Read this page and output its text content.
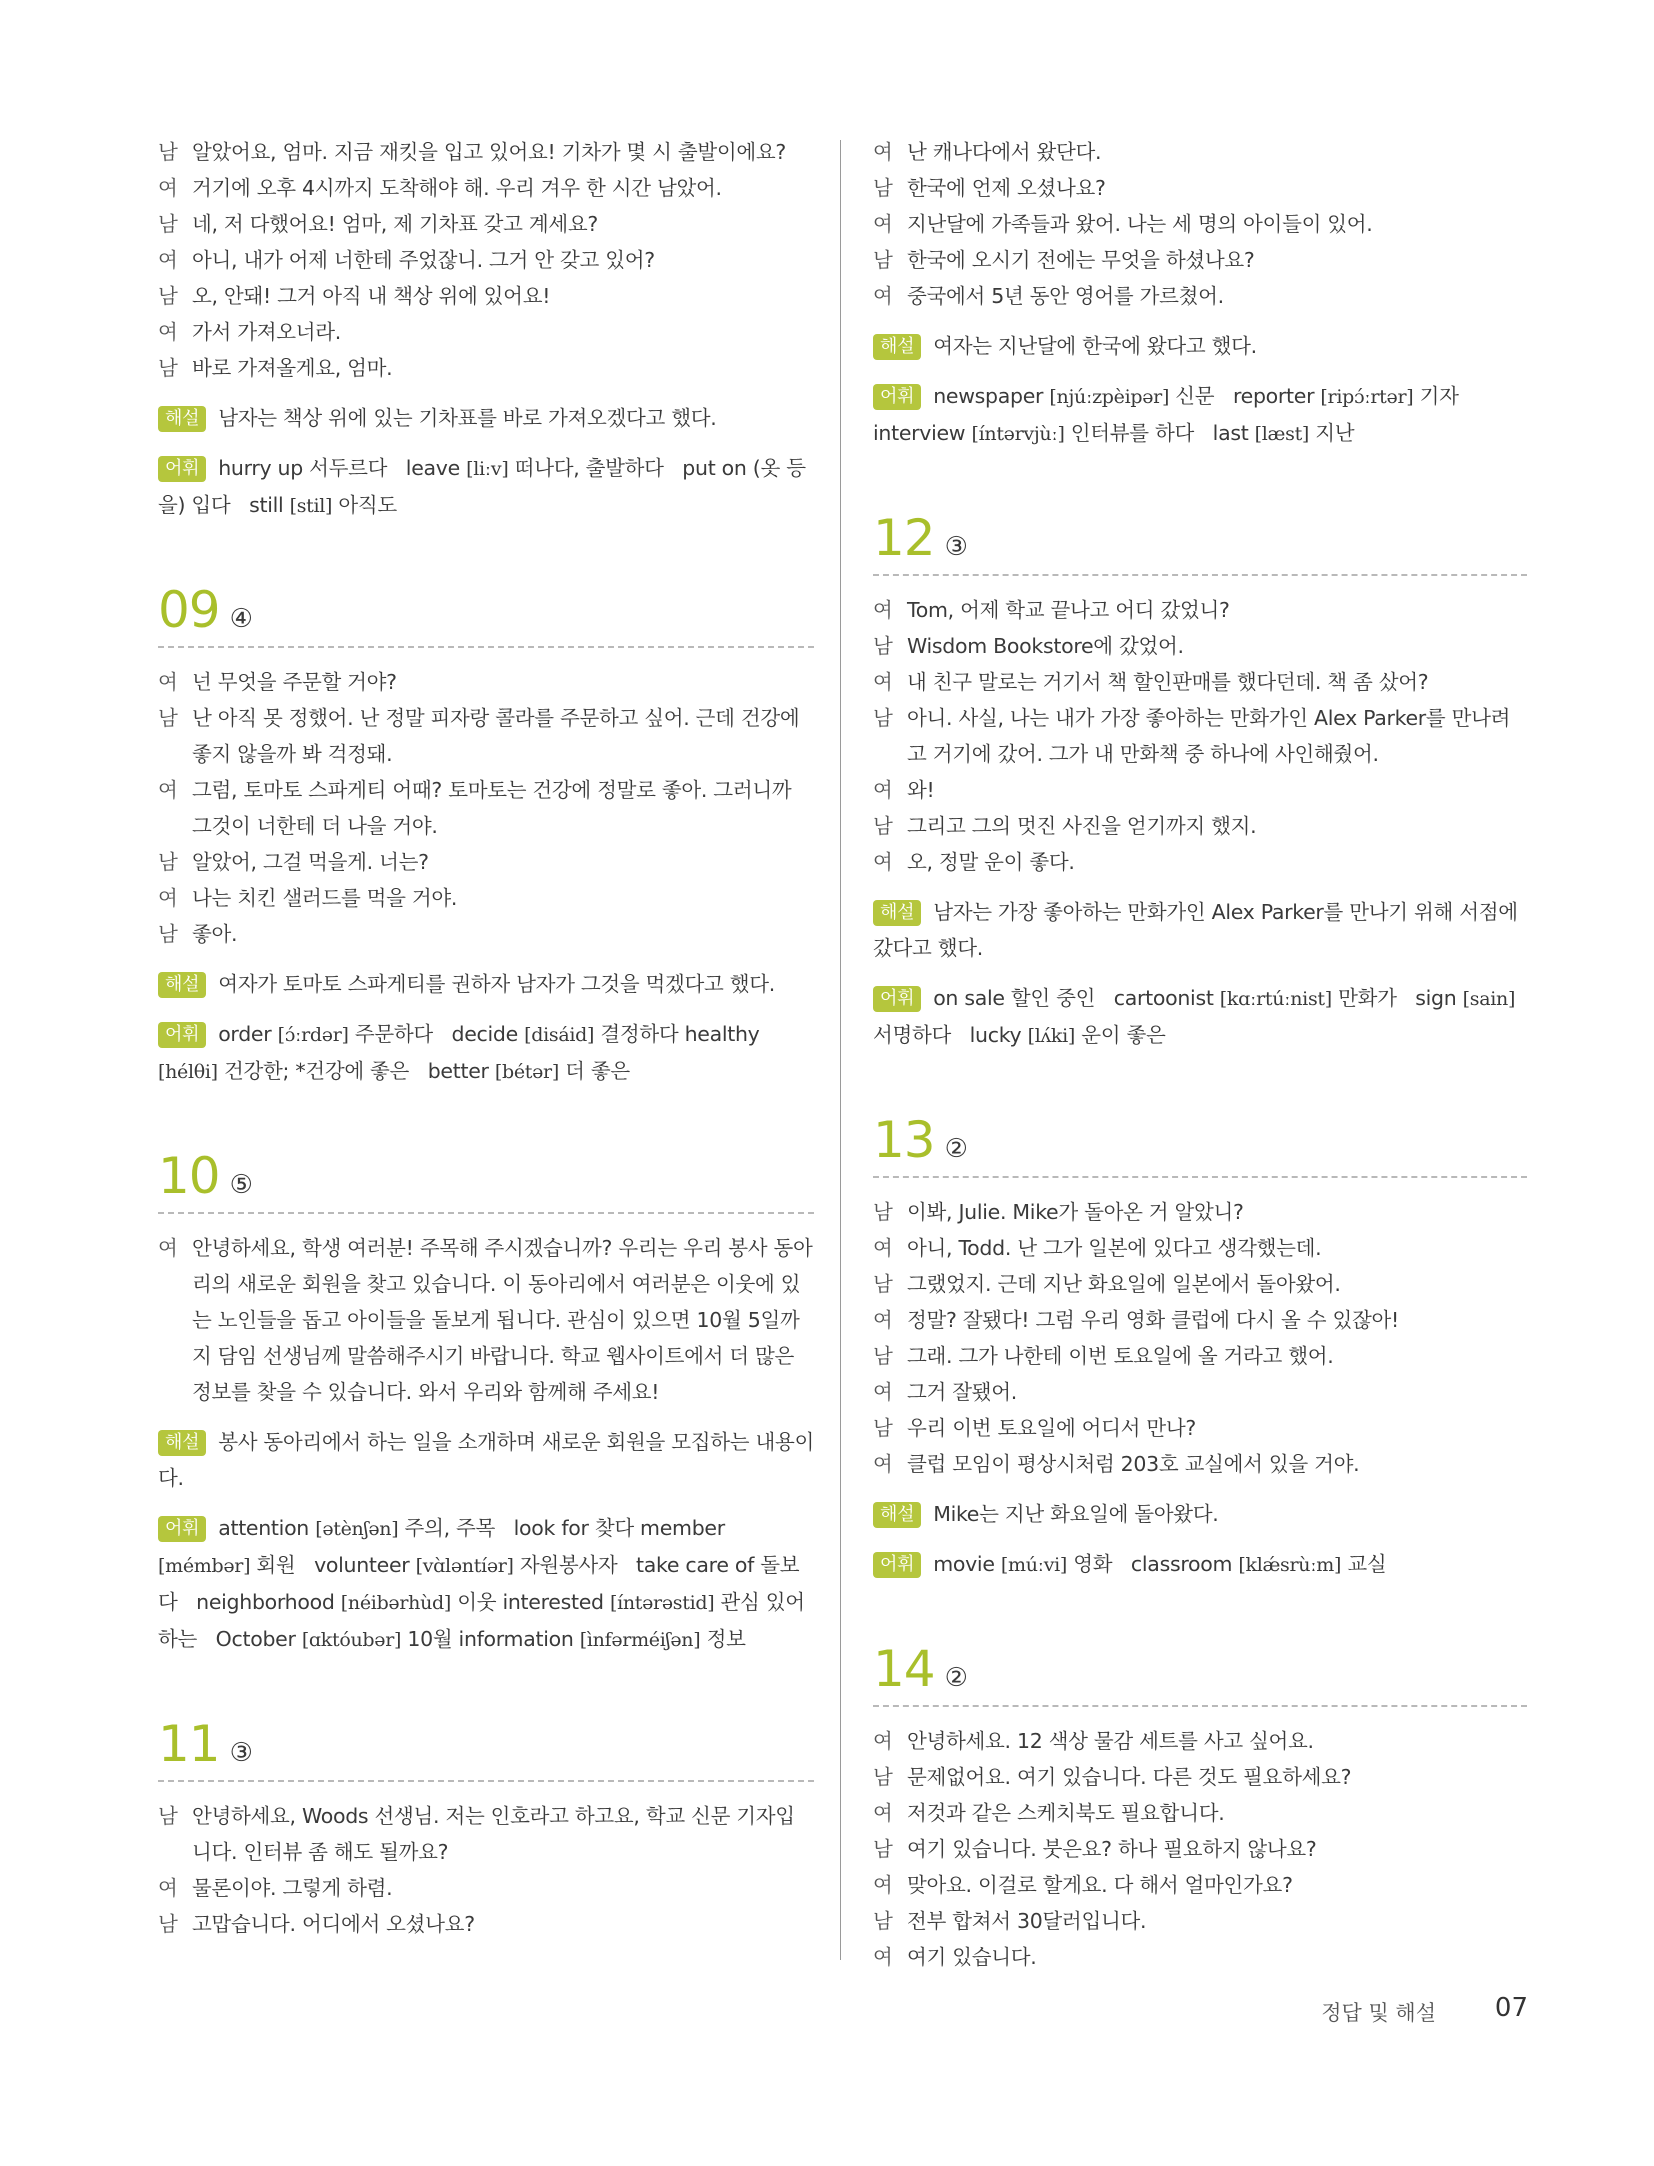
남 알았어요, 엄마. 지금 재킷을 입고 있어요! 기차가 몇 시 출발이에요?
여 거기에 오후 4시까지 도착해야 해. 우리 겨우 한 시간 남았어.
남 네, 저 다했어요! 엄마, 제 기차표 갖고 계세요?
여 아니, 내가 어제 너한테 주었잖니. 그거 안 갖고 있어?
남 오, 안돼! 그거 아직 내 책상 위에 있어요!
여 가서 가져오너라.
남 바로 가져올게요, 엄마.
해설 남자는 책상 위에 있는 기차표를 바로 가져오겠다고 했다.
어휘 hurry up 서두르다   leave [liːv] 떠나다, 출발하다   put on (옷 등을) 입다   still [stil] 아직도
09 ④
여 넌 무엇을 주문할 거야?
남 난 아직 못 정했어. 난 정말 피자랑 콜라를 주문하고 싶어. 근데 건강에 좋지 않을까 봐 걱정돼.
여 그럼, 토마토 스파게티 어때? 토마토는 건강에 정말로 좋아. 그러니까 그것이 너한테 더 나을 거야.
남 알았어, 그걸 먹을게. 너는?
여 나는 치킨 샐러드를 먹을 거야.
남 좋아.
해설 여자가 토마토 스파게티를 권하자 남자가 그것을 먹겠다고 했다.
어휘 order [ɔ́ːrdər] 주문하다   decide [disáid] 결정하다 healthy [hélθi] 건강한; *건강에 좋은   better [bétər] 더 좋은
10 ⑤
여 안녕하세요, 학생 여러분! 주목해 주시겠습니까? 우리는 우리 봉사 동아리의 새로운 회원을 찾고 있습니다. 이 동아리에서 여러분은 이웃에 있는 노인들을 돕고 아이들을 돌보게 됩니다. 관심이 있으면 10월 5일까지 담임 선생님께 말씀해주시기 바랍니다. 학교 웹사이트에서 더 많은 정보를 찾을 수 있습니다. 와서 우리와 함께해 주세요!
해설 봉사 동아리에서 하는 일을 소개하며 새로운 회원을 모집하는 내용이다.
어휘 attention [ətènʃən] 주의, 주목   look for 찾다 member [mémbər] 회원   volunteer [vɑ̀ləntíər] 자원봉사자   take care of 돌보다   neighborhood [néibərhùd] 이웃 interested [íntərəstid] 관심 있어 하는   October [ɑktóubər] 10월 information [ìnfərméiʃən] 정보
11 ③
남 안녕하세요, Woods 선생님. 저는 인호라고 하고요, 학교 신문 기자입니다. 인터뷰 좀 해도 될까요?
여 물론이야. 그렇게 하렴.
남 고맙습니다. 어디에서 오셨나요?
여 난 캐나다에서 왔단다.
남 한국에 언제 오셨나요?
여 지난달에 가족들과 왔어. 나는 세 명의 아이들이 있어.
남 한국에 오시기 전에는 무엇을 하셨나요?
여 중국에서 5년 동안 영어를 가르쳤어.
해설 여자는 지난달에 한국에 왔다고 했다.
어휘 newspaper [njúːzpèipər] 신문   reporter [ripɔ́ːrtər] 기자 interview [íntərvjùː] 인터뷰를 하다   last [læst] 지난
12 ③
여 Tom, 어제 학교 끝나고 어디 갔었니?
남 Wisdom Bookstore에 갔었어.
여 내 친구 말로는 거기서 책 할인판매를 했다던데. 책 좀 샀어?
남 아니. 사실, 나는 내가 가장 좋아하는 만화가인 Alex Parker를 만나려고 거기에 갔어. 그가 내 만화책 중 하나에 사인해줬어.
여 와!
남 그리고 그의 멋진 사진을 얻기까지 했지.
여 오, 정말 운이 좋다.
해설 남자는 가장 좋아하는 만화가인 Alex Parker를 만나기 위해 서점에 갔다고 했다.
어휘 on sale 할인 중인   cartoonist [kɑːrtúːnist] 만화가   sign [sain] 서명하다   lucky [lʌ́ki] 운이 좋은
13 ②
남 이봐, Julie. Mike가 돌아온 거 알았니?
여 아니, Todd. 난 그가 일본에 있다고 생각했는데.
남 그랬었지. 근데 지난 화요일에 일본에서 돌아왔어.
여 정말? 잘됐다! 그럼 우리 영화 클럽에 다시 올 수 있잖아!
남 그래. 그가 나한테 이번 토요일에 올 거라고 했어.
여 그거 잘됐어.
남 우리 이번 토요일에 어디서 만나?
여 클럽 모임이 평상시처럼 203호 교실에서 있을 거야.
해설 Mike는 지난 화요일에 돌아왔다.
어휘 movie [múːvi] 영화   classroom [klǽsrùːm] 교실
14 ②
여 안녕하세요. 12 색상 물감 세트를 사고 싶어요.
남 문제없어요. 여기 있습니다. 다른 것도 필요하세요?
여 저것과 같은 스케치북도 필요합니다.
남 여기 있습니다. 붓은요? 하나 필요하지 않나요?
여 맞아요. 이걸로 할게요. 다 해서 얼마인가요?
남 전부 합쳐서 30달러입니다.
여 여기 있습니다.
정답 및 해설 07
